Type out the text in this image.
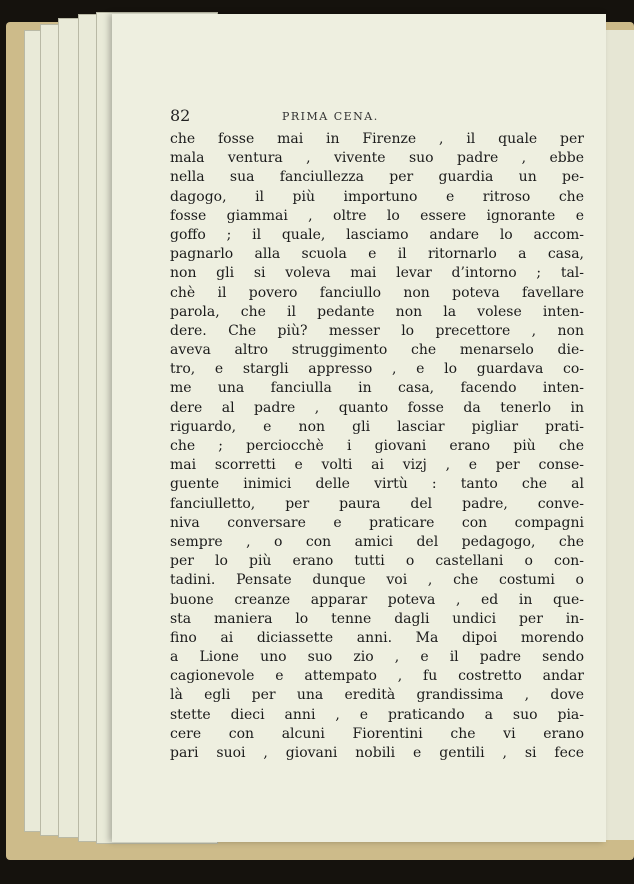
82	PRIMA CENA.
che fosse mai in Firenze , il quale per
mala ventura , vivente suo padre , ebbe
nella sua fanciullezza per guardia un pe-
dagogo, il più importuno e ritroso che
fosse giammai , oltre lo essere ignorante e
goffo ; il quale, lasciamo andare lo accom-
pagnarlo alla scuola e il ritornarlo a casa,
non gli si voleva mai levar d’intorno ; tal-
chè il povero fanciullo non poteva favellare
parola, che il pedante non la volese inten-
dere. Che più? messer lo precettore , non
aveva altro struggimento che menarselo die-
tro, e stargli appresso , e lo guardava co-
me una fanciulla in casa, facendo inten-
dere al padre , quanto fosse da tenerlo in
riguardo, e non gli lasciar pigliar prati-
che ; perciocchè i giovani erano più che
mai scorretti e volti ai vizj , e per conse-
guente inimici delle virtù : tanto che al
fanciulletto, per paura del padre, conve-
niva conversare e praticare con compagni
sempre , o con amici del pedagogo, che
per lo più erano tutti o castellani o con-
tadini. Pensate dunque voi , che costumi o
buone creanze apparar poteva , ed in que-
sta maniera lo tenne dagli undici per in-
fino ai diciassette anni. Ma dipoi morendo
a Lione uno suo zio , e il padre sendo
cagionevole e attempato , fu costretto andar
là egli per una eredità grandissima , dove
stette dieci anni , e praticando a suo pia-
cere con alcuni Fiorentini che vi erano
pari suoi , giovani nobili e gentili , si fece
